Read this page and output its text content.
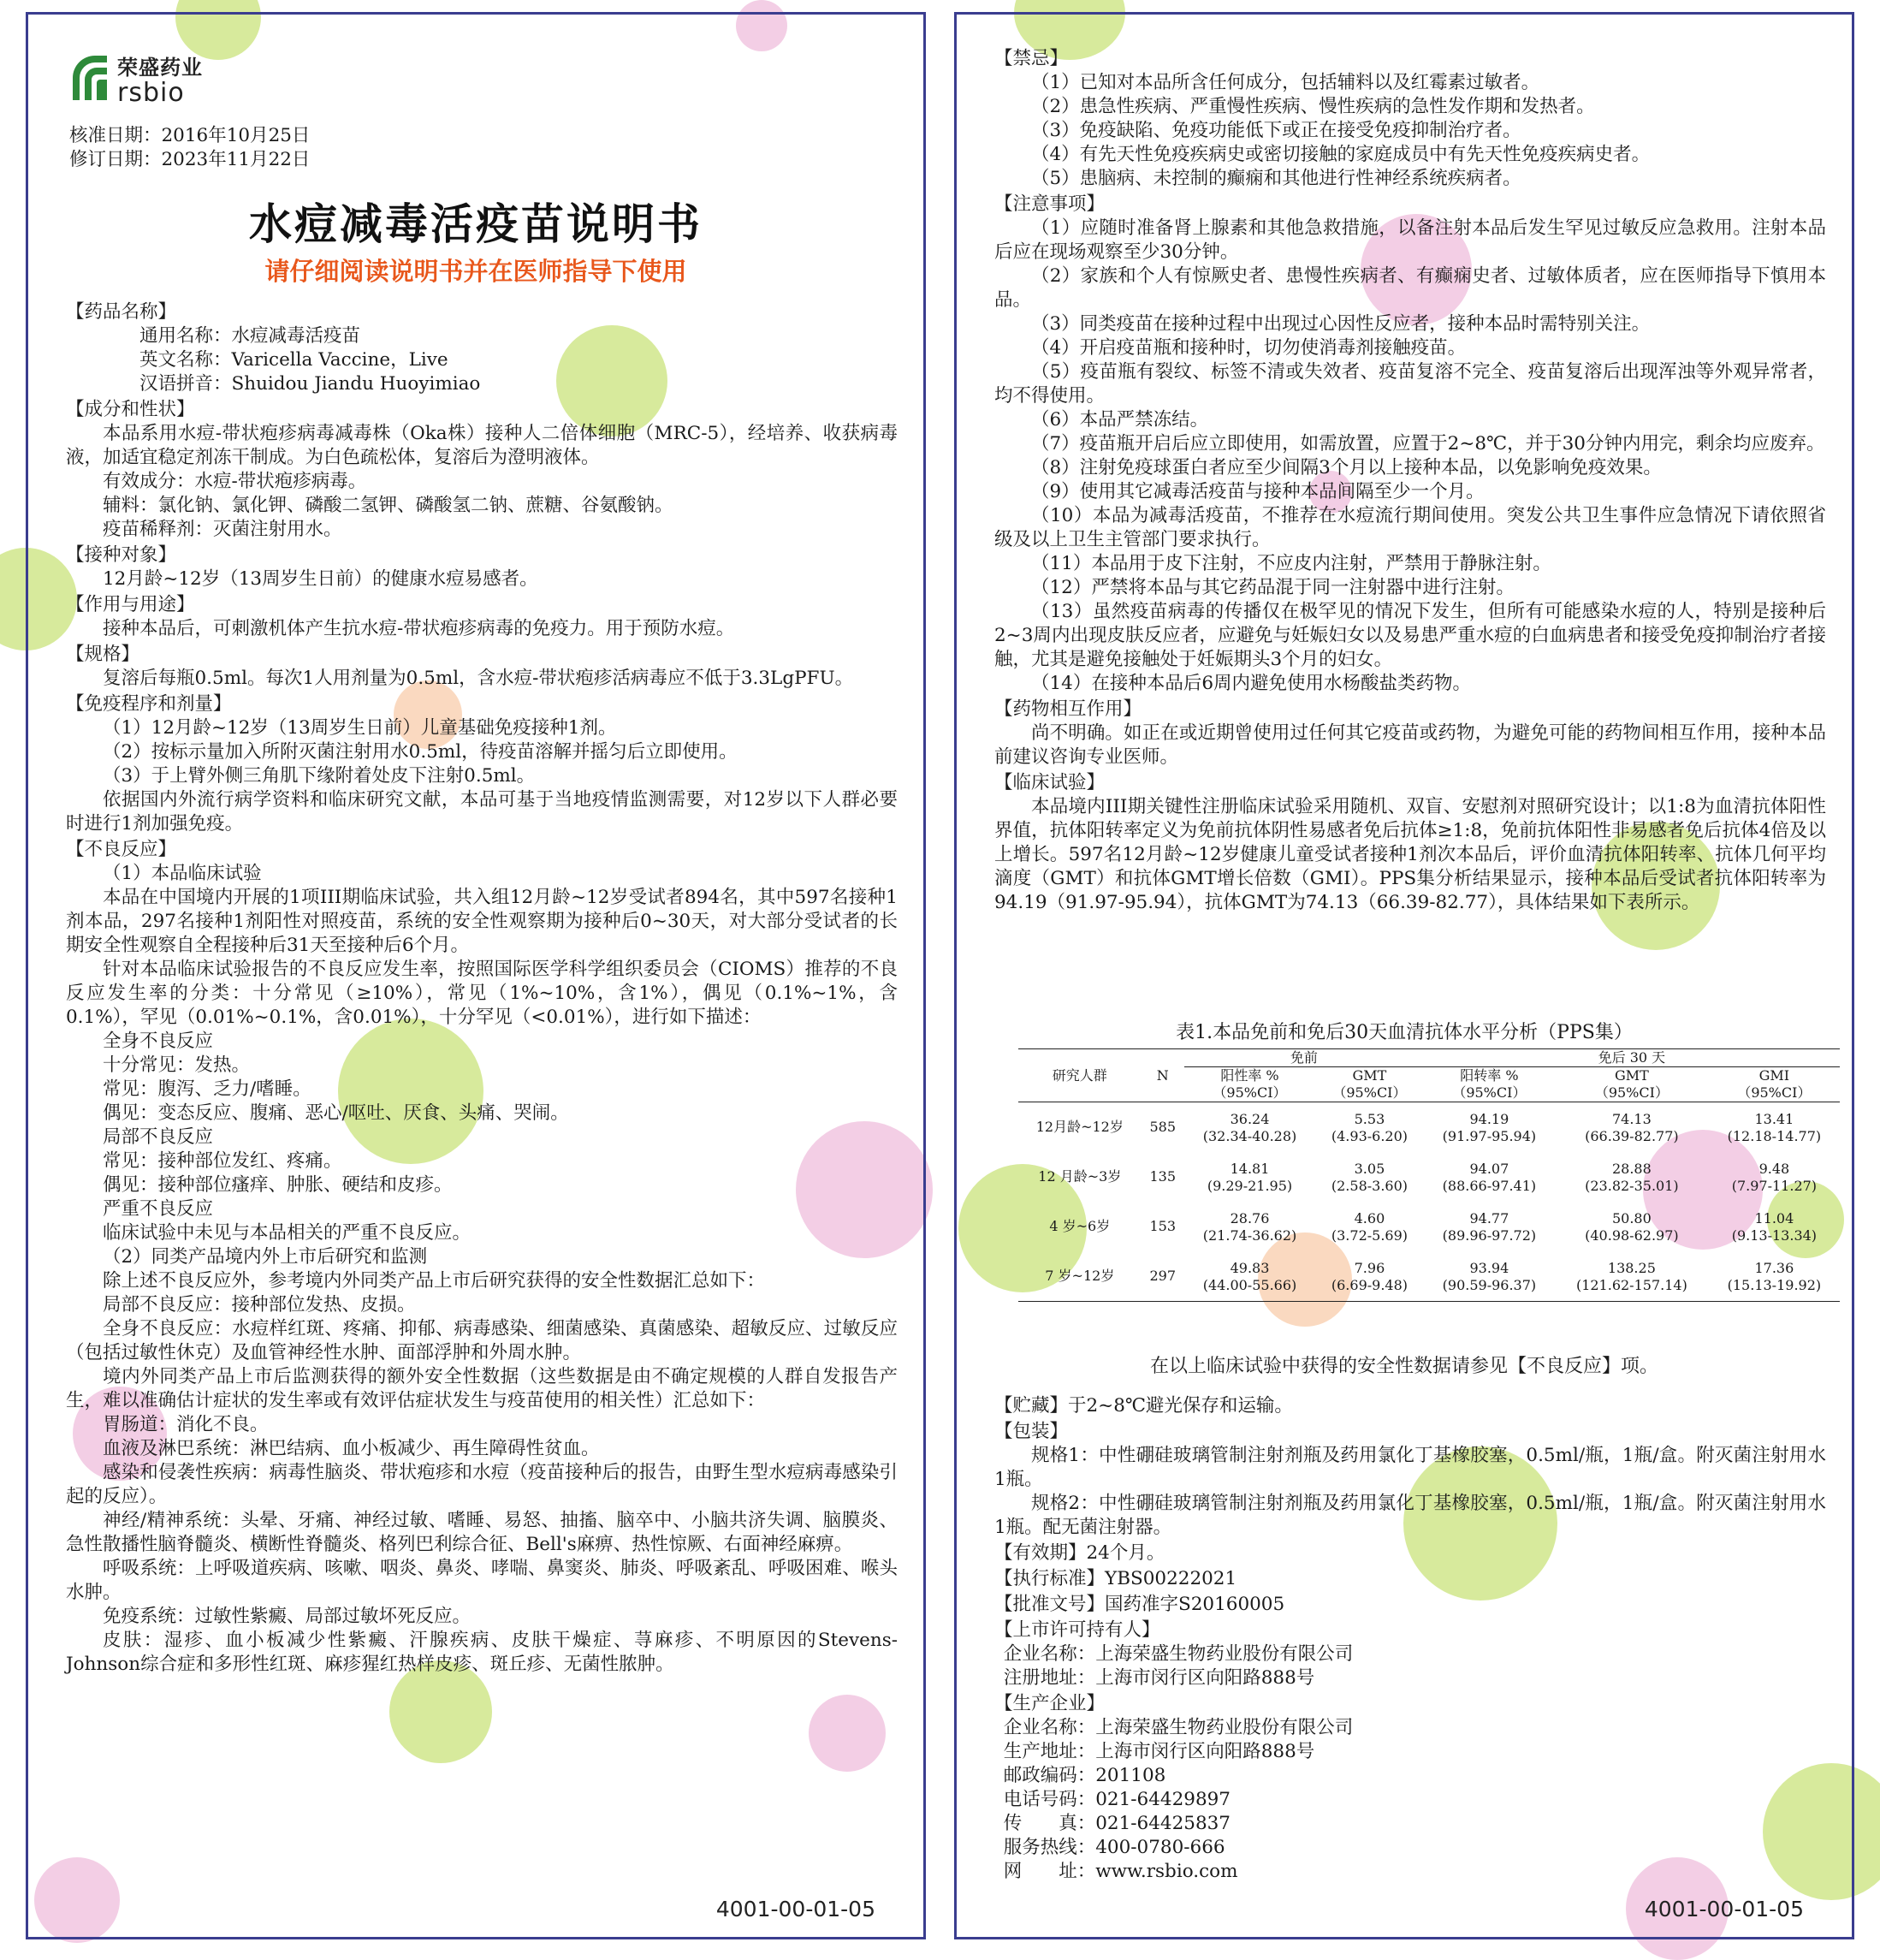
荣盛药业
rsbio
核准日期：2016年10月25日
修订日期：2023年11月22日
水痘减毒活疫苗说明书
请仔细阅读说明书并在医师指导下使用

【药品名称】

通用名称：水痘减毒活疫苗

英文名称：Varicella Vaccine，Live

汉语拼音：Shuidou Jiandu Huoyimiao

【成分和性状】

本品系用水痘-带状疱疹病毒减毒株（Oka株）接种人二倍体细胞（MRC-5），经培养、收获病毒液，加适宜稳定剂冻干制成。为白色疏松体，复溶后为澄明液体。

有效成分：水痘-带状疱疹病毒。

辅料：氯化钠、氯化钾、磷酸二氢钾、磷酸氢二钠、蔗糖、谷氨酸钠。

疫苗稀释剂：灭菌注射用水。

【接种对象】

12月龄~12岁（13周岁生日前）的健康水痘易感者。

【作用与用途】

接种本品后，可刺激机体产生抗水痘-带状疱疹病毒的免疫力。用于预防水痘。

【规格】

复溶后每瓶0.5ml。每次1人用剂量为0.5ml，含水痘-带状疱疹活病毒应不低于3.3LgPFU。

【免疫程序和剂量】

（1）12月龄~12岁（13周岁生日前）儿童基础免疫接种1剂。

（2）按标示量加入所附灭菌注射用水0.5ml，待疫苗溶解并摇匀后立即使用。

（3）于上臂外侧三角肌下缘附着处皮下注射0.5ml。

依据国内外流行病学资料和临床研究文献，本品可基于当地疫情监测需要，对12岁以下人群必要时进行1剂加强免疫。

【不良反应】

（1）本品临床试验

本品在中国境内开展的1项III期临床试验，共入组12月龄~12岁受试者894名，其中597名接种1剂本品，297名接种1剂阳性对照疫苗，系统的安全性观察期为接种后0~30天，对大部分受试者的长期安全性观察自全程接种后31天至接种后6个月。

针对本品临床试验报告的不良反应发生率，按照国际医学科学组织委员会（CIOMS）推荐的不良反应发生率的分类：十分常见（≥10%），常见（1%~10%，含1%），偶见（0.1%~1%，含0.1%），罕见（0.01%~0.1%，含0.01%），十分罕见（<0.01%），进行如下描述：

全身不良反应

十分常见：发热。

常见：腹泻、乏力/嗜睡。

偶见：变态反应、腹痛、恶心/呕吐、厌食、头痛、哭闹。

局部不良反应

常见：接种部位发红、疼痛。

偶见：接种部位瘙痒、肿胀、硬结和皮疹。

严重不良反应

临床试验中未见与本品相关的严重不良反应。

（2）同类产品境内外上市后研究和监测

除上述不良反应外，参考境内外同类产品上市后研究获得的安全性数据汇总如下：

局部不良反应：接种部位发热、皮损。

全身不良反应：水痘样红斑、疼痛、抑郁、病毒感染、细菌感染、真菌感染、超敏反应、过敏反应（包括过敏性休克）及血管神经性水肿、面部浮肿和外周水肿。

境内外同类产品上市后监测获得的额外安全性数据（这些数据是由不确定规模的人群自发报告产生，难以准确估计症状的发生率或有效评估症状发生与疫苗使用的相关性）汇总如下：

胃肠道：消化不良。

血液及淋巴系统：淋巴结病、血小板减少、再生障碍性贫血。

感染和侵袭性疾病：病毒性脑炎、带状疱疹和水痘（疫苗接种后的报告，由野生型水痘病毒感染引起的反应）。

神经/精神系统：头晕、牙痛、神经过敏、嗜睡、易怒、抽搐、脑卒中、小脑共济失调、脑膜炎、急性散播性脑脊髓炎、横断性脊髓炎、格列巴利综合征、Bell's麻痹、热性惊厥、右面神经麻痹。

呼吸系统：上呼吸道疾病、咳嗽、咽炎、鼻炎、哮喘、鼻窦炎、肺炎、呼吸紊乱、呼吸困难、喉头水肿。

免疫系统：过敏性紫癜、局部过敏坏死反应。

皮肤：湿疹、血小板减少性紫癜、汗腺疾病、皮肤干燥症、荨麻疹、不明原因的Stevens-Johnson综合症和多形性红斑、麻疹猩红热样皮疹、斑丘疹、无菌性脓肿。

4001-00-01-05

【禁忌】

（1）已知对本品所含任何成分，包括辅料以及红霉素过敏者。

（2）患急性疾病、严重慢性疾病、慢性疾病的急性发作期和发热者。

（3）免疫缺陷、免疫功能低下或正在接受免疫抑制治疗者。

（4）有先天性免疫疾病史或密切接触的家庭成员中有先天性免疫疾病史者。

（5）患脑病、未控制的癫痫和其他进行性神经系统疾病者。

【注意事项】

（1）应随时准备肾上腺素和其他急救措施，以备注射本品后发生罕见过敏反应急救用。注射本品后应在现场观察至少30分钟。

（2）家族和个人有惊厥史者、患慢性疾病者、有癫痫史者、过敏体质者，应在医师指导下慎用本品。

（3）同类疫苗在接种过程中出现过心因性反应者，接种本品时需特别关注。

（4）开启疫苗瓶和接种时，切勿使消毒剂接触疫苗。

（5）疫苗瓶有裂纹、标签不清或失效者、疫苗复溶不完全、疫苗复溶后出现浑浊等外观异常者，均不得使用。

（6）本品严禁冻结。

（7）疫苗瓶开启后应立即使用，如需放置，应置于2~8℃，并于30分钟内用完，剩余均应废弃。

（8）注射免疫球蛋白者应至少间隔3个月以上接种本品，以免影响免疫效果。

（9）使用其它减毒活疫苗与接种本品间隔至少一个月。

（10）本品为减毒活疫苗，不推荐在水痘流行期间使用。突发公共卫生事件应急情况下请依照省级及以上卫生主管部门要求执行。

（11）本品用于皮下注射，不应皮内注射，严禁用于静脉注射。

（12）严禁将本品与其它药品混于同一注射器中进行注射。

（13）虽然疫苗病毒的传播仅在极罕见的情况下发生，但所有可能感染水痘的人，特别是接种后2~3周内出现皮肤反应者，应避免与妊娠妇女以及易患严重水痘的白血病患者和接受免疫抑制治疗者接触，尤其是避免接触处于妊娠期头3个月的妇女。

（14）在接种本品后6周内避免使用水杨酸盐类药物。

【药物相互作用】

尚不明确。如正在或近期曾使用过任何其它疫苗或药物，为避免可能的药物间相互作用，接种本品前建议咨询专业医师。

【临床试验】

本品境内III期关键性注册临床试验采用随机、双盲、安慰剂对照研究设计；以1:8为血清抗体阳性界值，抗体阳转率定义为免前抗体阴性易感者免后抗体≥1:8，免前抗体阳性非易感者免后抗体4倍及以上增长。597名12月龄~12岁健康儿童受试者接种1剂次本品后，评价血清抗体阳转率、抗体几何平均滴度（GMT）和抗体GMT增长倍数（GMI）。PPS集分析结果显示，接种本品后受试者抗体阳转率为94.19（91.97-95.94），抗体GMT为74.13（66.39-82.77），具体结果如下表所示。

表1.本品免前和免后30天血清抗体水平分析（PPS集）
研究人群	N	免前		免后 30 天		
		阳性率 %	GMT	阳转率 %	GMT	GMI
		（95%CI）	（95%CI）	（95%CI）	（95%CI）	（95%CI）
12月龄~12岁	585	36.24	5.53	94.19	74.13	13.41
		(32.34-40.28)	(4.93-6.20)	(91.97-95.94)	(66.39-82.77)	(12.18-14.77)
12 月龄~3岁	135	14.81	3.05	94.07	28.88	9.48
		(9.29-21.95)	(2.58-3.60)	(88.66-97.41)	(23.82-35.01)	(7.97-11.27)
4 岁~6岁	153	28.76	4.60	94.77	50.80	11.04
		(21.74-36.62)	(3.72-5.69)	(89.96-97.72)	(40.98-62.97)	(9.13-13.34)
7 岁~12岁	297	49.83	7.96	93.94	138.25	17.36
		(44.00-55.66)	(6.69-9.48)	(90.59-96.37)	(121.62-157.14)	(15.13-19.92)
在以上临床试验中获得的安全性数据请参见【不良反应】项。

【贮藏】于2~8℃避光保存和运输。

【包装】

规格1：中性硼硅玻璃管制注射剂瓶及药用氯化丁基橡胶塞，0.5ml/瓶，1瓶/盒。附灭菌注射用水1瓶。

规格2：中性硼硅玻璃管制注射剂瓶及药用氯化丁基橡胶塞，0.5ml/瓶，1瓶/盒。附灭菌注射用水1瓶。配无菌注射器。

【有效期】24个月。

【执行标准】YBS00222021

【批准文号】国药准字S20160005

【上市许可持有人】

企业名称：上海荣盛生物药业股份有限公司

注册地址：上海市闵行区向阳路888号

【生产企业】

企业名称：上海荣盛生物药业股份有限公司

生产地址：上海市闵行区向阳路888号

邮政编码：201108

电话号码：021-64429897

传　　真：021-64425837

服务热线：400-0780-666

网　　址：www.rsbio.com

4001-00-01-05
